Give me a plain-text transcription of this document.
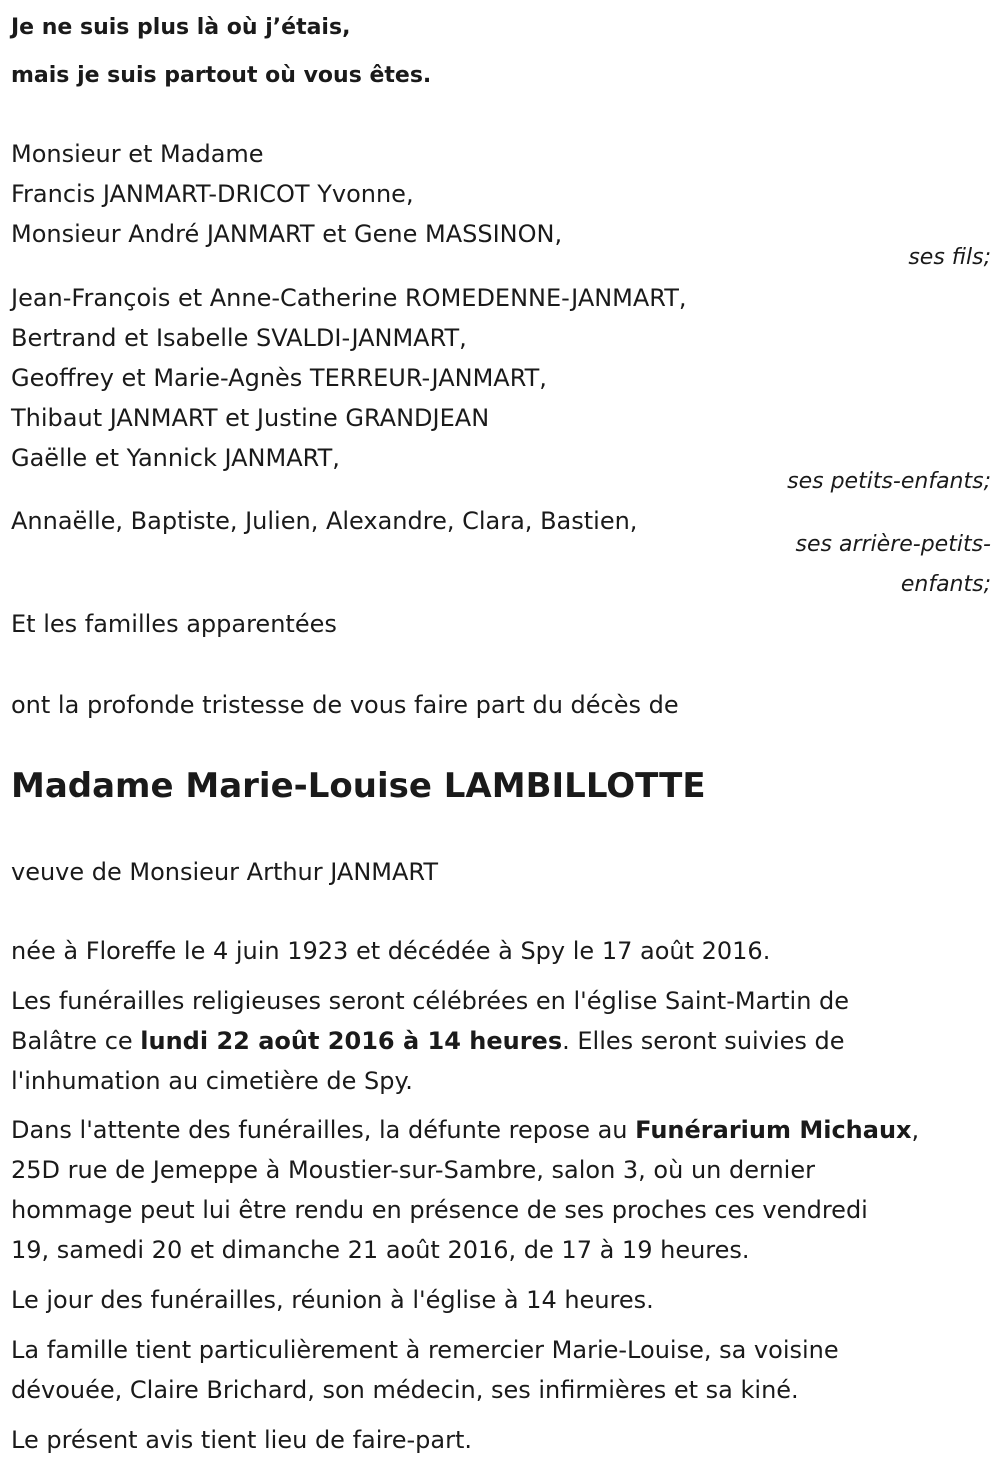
Je ne suis plus là où j’étais,
mais je suis partout où vous êtes.
Monsieur et Madame
Francis JANMART-DRICOT Yvonne,
Monsieur André JANMART et Gene MASSINON,
ses fils;
Jean-François et Anne-Catherine ROMEDENNE-JANMART,
Bertrand et Isabelle SVALDI-JANMART,
Geoffrey et Marie-Agnès TERREUR-JANMART,
Thibaut JANMART et Justine GRANDJEAN
Gaëlle et Yannick JANMART,
ses petits-enfants;
Annaëlle, Baptiste, Julien, Alexandre, Clara, Bastien,
ses arrière-petits-
enfants;
Et les familles apparentées
ont la profonde tristesse de vous faire part du décès de
Madame Marie-Louise LAMBILLOTTE
veuve de Monsieur Arthur JANMART
née à Floreffe le 4 juin 1923 et décédée à Spy le 17 août 2016.
Les funérailles religieuses seront célébrées en l'église Saint-Martin de
Balâtre ce lundi 22 août 2016 à 14 heures. Elles seront suivies de
l'inhumation au cimetière de Spy.
Dans l'attente des funérailles, la défunte repose au Funérarium Michaux,
25D rue de Jemeppe à Moustier-sur-Sambre, salon 3, où un dernier
hommage peut lui être rendu en présence de ses proches ces vendredi
19, samedi 20 et dimanche 21 août 2016, de 17 à 19 heures.
Le jour des funérailles, réunion à l'église à 14 heures.
La famille tient particulièrement à remercier Marie-Louise, sa voisine
dévouée, Claire Brichard, son médecin, ses infirmières et sa kiné.
Le présent avis tient lieu de faire-part.
